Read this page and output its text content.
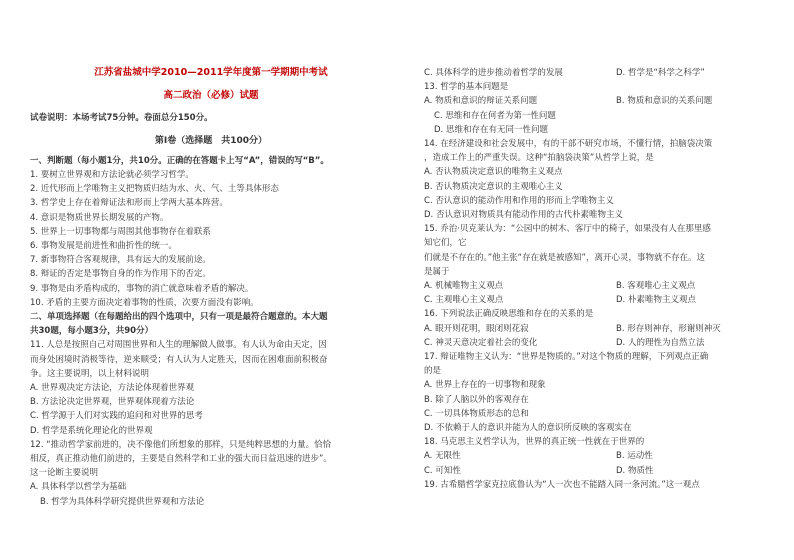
江苏省盐城中学2010—2011学年度第一学期期中考试
高二政治（必修）试题
试卷说明：本场考试75分钟。卷面总分150分。
第Ⅰ卷（选择题　共100分）
一、判断题（每小题1分，共10分。正确的在答题卡上写“A”，错误的写“B”。
1. 要树立世界观和方法论就必须学习哲学。
2. 近代形而上学唯物主义把物质归结为水、火、气、土等具体形态
3. 哲学史上存在着辩证法和形而上学两大基本阵营。
4. 意识是物质世界长期发展的产物。
5. 世界上一切事物都与周围其他事物存在着联系
6. 事物发展是前进性和曲折性的统一。
7. 新事物符合客观规律，具有远大的发展前途。
8. 辩证的否定是事物自身的作为作用下的否定。
9. 事物是由矛盾构成的，事物的消亡就意味着矛盾的解决。
10. 矛盾的主要方面决定着事物的性质，次要方面没有影响。
二、单项选择题（在每题给出的四个选项中，只有一项是最符合题意的。本大题
共30题，每小题3分，共90分）
11. 人总是按照自己对周围世界和人生的理解做人做事。有人认为命由天定，因
而身处困境时消极等待，逆来顺受；有人认为人定胜天，因而在困难面前积极奋
争。这主要说明，以上材料说明
A. 世界观决定方法论，方法论体现着世界观
B. 方法论决定世界观，世界观体现着方法论
C. 哲学源于人们对实践的追问和对世界的思考
D. 哲学是系统化理论化的世界观
12. “推动哲学家前进的，决不像他们所想象的那样，只是纯粹思想的力量。恰恰
相反，真正推动他们前进的，主要是自然科学和工业的强大而日益迅速的进步”。
这一论断主要说明
A. 具体科学以哲学为基础
B. 哲学为具体科学研究提供世界观和方法论
C. 具体科学的进步推动着哲学的发展	D. 哲学是“科学之科学”
13. 哲学的基本问题是
A. 物质和意识的辩证关系问题	B. 物质和意识的关系问题
C. 思维和存在何者为第一性问题
D. 思维和存在有无同一性问题
14. 在经济建设和社会发展中，有的干部不研究市场，不懂行情，拍脑袋决策
，造成工作上的严重失误。这种“拍脑袋决策”从哲学上说，是
A. 否认物质决定意识的唯物主义观点
B. 否认物质决定意识的主观唯心主义
C. 否认意识的能动作用和作用的形而上学唯物主义
D. 否认意识对物质具有能动作用的古代朴素唯物主义
15. 乔治·贝克莱认为：“公园中的树木、客厅中的椅子，如果没有人在那里感
知它们，它
们就是不存在的。”他主张“存在就是被感知”，离开心灵，事物就不存在。这
是属于
A. 机械唯物主义观点	B. 客观唯心主义观点
C. 主观唯心主义观点	D. 朴素唯物主义观点
16. 下列说法正确反映思维和存在的关系的是
A. 眼开则花明，眼闭则花寂	B. 形存则神存，形谢则神灭
C. 神灵天意决定着社会的变化	D. 人的理性为自然立法
17. 辩证唯物主义认为：“世界是物质的。”对这个物质的理解，下列观点正确
的是
A. 世界上存在的一切事物和现象
B. 除了人脑以外的客观存在
C. 一切具体物质形态的总和
D. 不依赖于人的意识并能为人的意识所反映的客观实在
18. 马克思主义哲学认为，世界的真正统一性就在于世界的
A. 无限性	B. 运动性
C. 可知性	D. 物质性
19. 古希腊哲学家克拉底鲁认为“人一次也不能踏入同一条河流。”这一观点
